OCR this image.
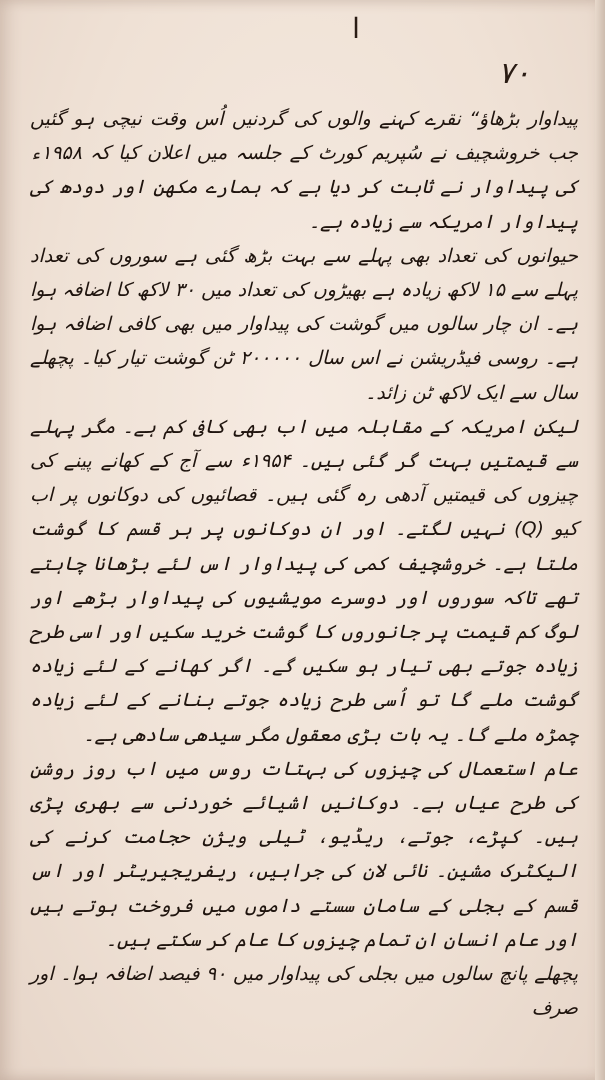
ا
٧٠

پیداوار بڑھاؤ“ نقرے کہنے والوں کی گردنیں اُس وقت نیچی ہو گئیں جب خروشچیف نے سُپریم کورٹ کے جلسہ میں اعلان کیا کہ ۱۹۵۸ء کی پیداوار نے ثابت کر دیا ہے کہ ہمارے مکھن اور دودھ کی پیداوار امریکہ سے زیادہ ہے۔

حیوانوں کی تعداد بھی پہلے سے بہت بڑھ گئی ہے سوروں کی تعداد پہلے سے ۱۵ لاکھ زیادہ ہے بھیڑوں کی تعداد میں ۳۰ لاکھ کا اضافہ ہوا ہے۔ ان چار سالوں میں گوشت کی پیداوار میں بھی کافی اضافہ ہوا ہے۔ روسی فیڈریشن نے اس سال ۲۰۰۰۰۰ ٹن گوشت تیار کیا۔ پچھلے سال سے ایک لاکھ ٹن زائد۔

لیکن امریکہ کے مقابلہ میں اب بھی کافی کم ہے۔ مگر پہلے سے قیمتیں بہت گر گئی ہیں۔ ۱۹۵۴ء سے آج کے کھانے پینے کی چیزوں کی قیمتیں آدھی رہ گئی ہیں۔ قصائیوں کی دوکانوں پر اب کیو (Q) نہیں لگتے۔ اور ان دوکانوں پر ہر قسم کا گوشت ملتا ہے۔ خروشچیف کمی کی پیداوار اس لئے بڑھانا چاہتے تھے تاکہ سوروں اور دوسرے مویشیوں کی پیداوار بڑھے اور لوگ کم قیمت پر جانوروں کا گوشت خرید سکیں اور اسی طرح زیادہ جوتے بھی تیار ہو سکیں گے۔ اگر کھانے کے لئے زیادہ گوشت ملے گا تو اُسی طرح زیادہ جوتے بنانے کے لئے زیادہ چمڑہ ملے گا۔ یہ بات بڑی معقول مگر سیدھی سادھی ہے۔

عام استعمال کی چیزوں کی بہتات روس میں اب روز روشن کی طرح عیاں ہے۔ دوکانیں اشیائے خوردنی سے بھری پڑی ہیں۔ کپڑے، جوتے، ریڈیو، ٹیلی ویژن حجامت کرنے کی الیکٹرک مشین۔ نائی لان کی جرابیں، ریفریجیریٹر اور اس قسم کے بجلی کے سامان سستے داموں میں فروخت ہوتے ہیں اور عام انسان ان تمام چیزوں کا عام کر سکتے ہیں۔

پچھلے پانچ سالوں میں بجلی کی پیداوار میں ۹۰ فیصد اضافہ ہوا۔ اور صرف
